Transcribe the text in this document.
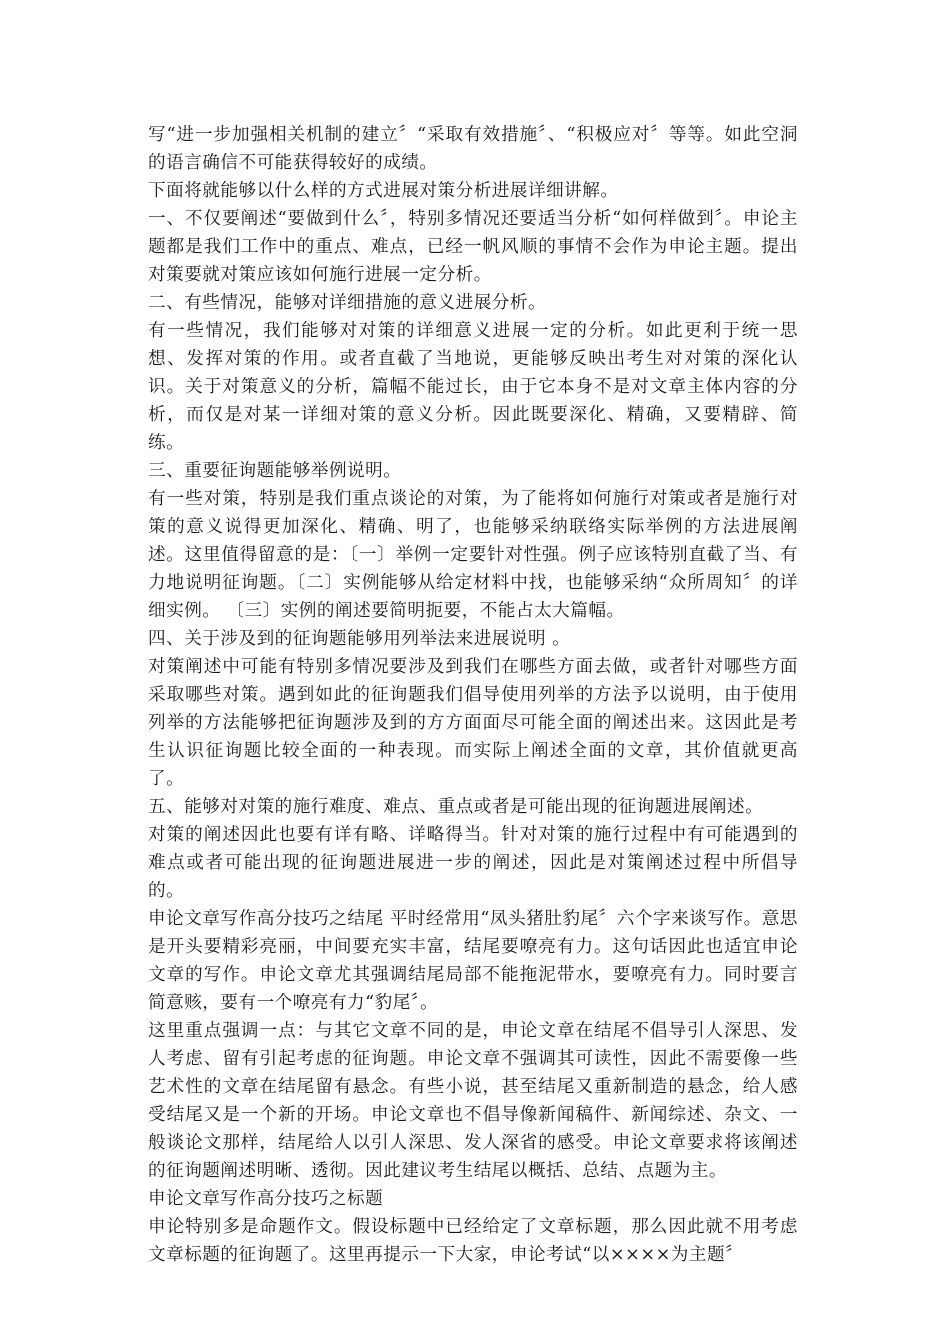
写“进一步加强相关机制的建立〞“采取有效措施〞、“积极应对〞等等。如此空洞的语言确信不可能获得较好的成绩。

下面将就能够以什么样的方式进展对策分析进展详细讲解。

一、不仅要阐述“要做到什么〞，特别多情况还要适当分析“如何样做到〞。申论主题都是我们工作中的重点、难点，已经一帆风顺的事情不会作为申论主题。提出对策要就对策应该如何施行进展一定分析。

二、有些情况，能够对详细措施的意义进展分析。

有一些情况，我们能够对对策的详细意义进展一定的分析。如此更利于统一思想、发挥对策的作用。或者直截了当地说，更能够反映出考生对对策的深化认识。关于对策意义的分析，篇幅不能过长，由于它本身不是对文章主体内容的分析，而仅是对某一详细对策的意义分析。因此既要深化、精确，又要精辟、简练。

三、重要征询题能够举例说明。

有一些对策，特别是我们重点谈论的对策，为了能将如何施行对策或者是施行对策的意义说得更加深化、精确、明了，也能够采纳联络实际举例的方法进展阐述。这里值得留意的是：〔一〕举例一定要针对性强。例子应该特别直截了当、有力地说明征询题。〔二〕实例能够从给定材料中找，也能够采纳“众所周知〞的详细实例。 〔三〕实例的阐述要简明扼要，不能占太大篇幅。

四、关于涉及到的征询题能够用列举法来进展说明 。

对策阐述中可能有特别多情况要涉及到我们在哪些方面去做，或者针对哪些方面采取哪些对策。遇到如此的征询题我们倡导使用列举的方法予以说明，由于使用列举的方法能够把征询题涉及到的方方面面尽可能全面的阐述出来。这因此是考生认识征询题比较全面的一种表现。而实际上阐述全面的文章，其价值就更高了。

五、能够对对策的施行难度、难点、重点或者是可能出现的征询题进展阐述。

对策的阐述因此也要有详有略、详略得当。针对对策的施行过程中有可能遇到的难点或者可能出现的征询题进展进一步的阐述，因此是对策阐述过程中所倡导的。

申论文章写作高分技巧之结尾 平时经常用“凤头猪肚豹尾〞六个字来谈写作。意思是开头要精彩亮丽，中间要充实丰富，结尾要嘹亮有力。这句话因此也适宜申论文章的写作。申论文章尤其强调结尾局部不能拖泥带水，要嘹亮有力。同时要言简意赅，要有一个嘹亮有力“豹尾〞。

这里重点强调一点：与其它文章不同的是，申论文章在结尾不倡导引人深思、发人考虑、留有引起考虑的征询题。申论文章不强调其可读性，因此不需要像一些艺术性的文章在结尾留有悬念。有些小说，甚至结尾又重新制造的悬念，给人感受结尾又是一个新的开场。申论文章也不倡导像新闻稿件、新闻综述、杂文、一般谈论文那样，结尾给人以引人深思、发人深省的感受。申论文章要求将该阐述的征询题阐述明晰、透彻。因此建议考生结尾以概括、总结、点题为主。

申论文章写作高分技巧之标题

申论特别多是命题作文。假设标题中已经给定了文章标题，那么因此就不用考虑文章标题的征询题了。这里再提示一下大家，申论考试“以××××为主题〞
